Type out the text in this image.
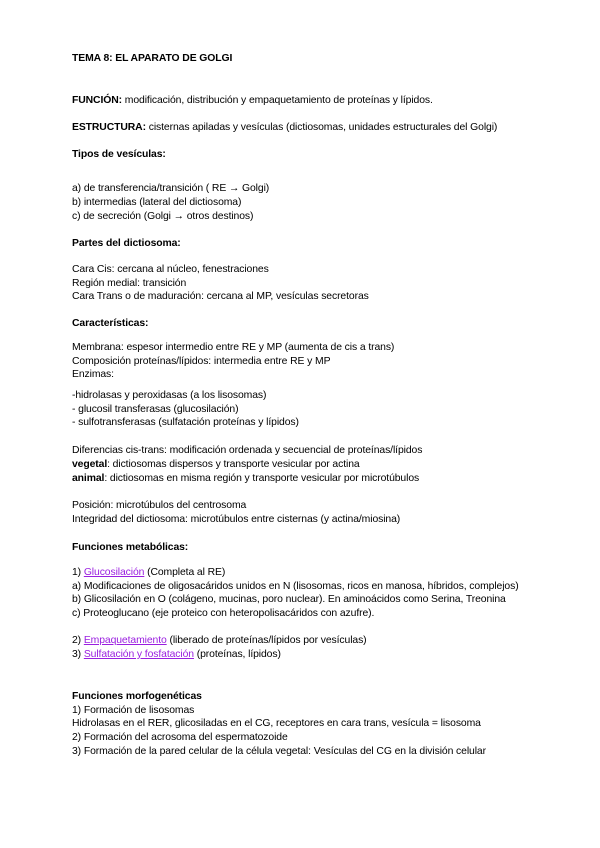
TEMA 8: EL APARATO DE GOLGI
FUNCIÓN: modificación, distribución y empaquetamiento de proteínas y lípidos.
ESTRUCTURA: cisternas apiladas y vesículas (dictiosomas, unidades estructurales del Golgi)
Tipos de vesículas:
a) de transferencia/transición ( RE → Golgi)
b) intermedias (lateral del dictiosoma)
c) de secreción (Golgi → otros destinos)
Partes del dictiosoma:
Cara Cis: cercana al núcleo, fenestraciones
Región medial: transición
Cara Trans o de maduración: cercana al MP, vesículas secretoras
Características:
Membrana: espesor intermedio entre RE y MP (aumenta de cis a trans)
Composición proteínas/lípidos: intermedia entre RE y MP
Enzimas:
-hidrolasas y peroxidasas (a los lisosomas)
- glucosil transferasas (glucosilación)
- sulfotransferasas (sulfatación proteínas y lípidos)
Diferencias cis-trans: modificación ordenada y secuencial de proteínas/lípidos
vegetal: dictiosomas dispersos y transporte vesicular por actina
animal: dictiosomas en misma región y transporte vesicular por microtúbulos
Posición: microtúbulos del centrosoma
Integridad del dictiosoma: microtúbulos entre cisternas (y actina/miosina)
Funciones metabólicas:
1) Glucosilación (Completa al RE)
a) Modificaciones de oligosacáridos unidos en N (lisosomas, ricos en manosa, híbridos, complejos)
b) Glicosilación en O (colágeno, mucinas, poro nuclear). En aminoácidos como Serina, Treonina
c) Proteoglucano (eje proteico con heteropolisacáridos con azufre).
2) Empaquetamiento (liberado de proteínas/lípidos por vesículas)
3) Sulfatación y fosfatación (proteínas, lípidos)
Funciones morfogenéticas
1) Formación de lisosomas
Hidrolasas en el RER, glicosiladas en el CG, receptores en cara trans, vesícula = lisosoma
2) Formación del acrosoma del espermatozoide
3) Formación de la pared celular de la célula vegetal: Vesículas del CG en la división celular
